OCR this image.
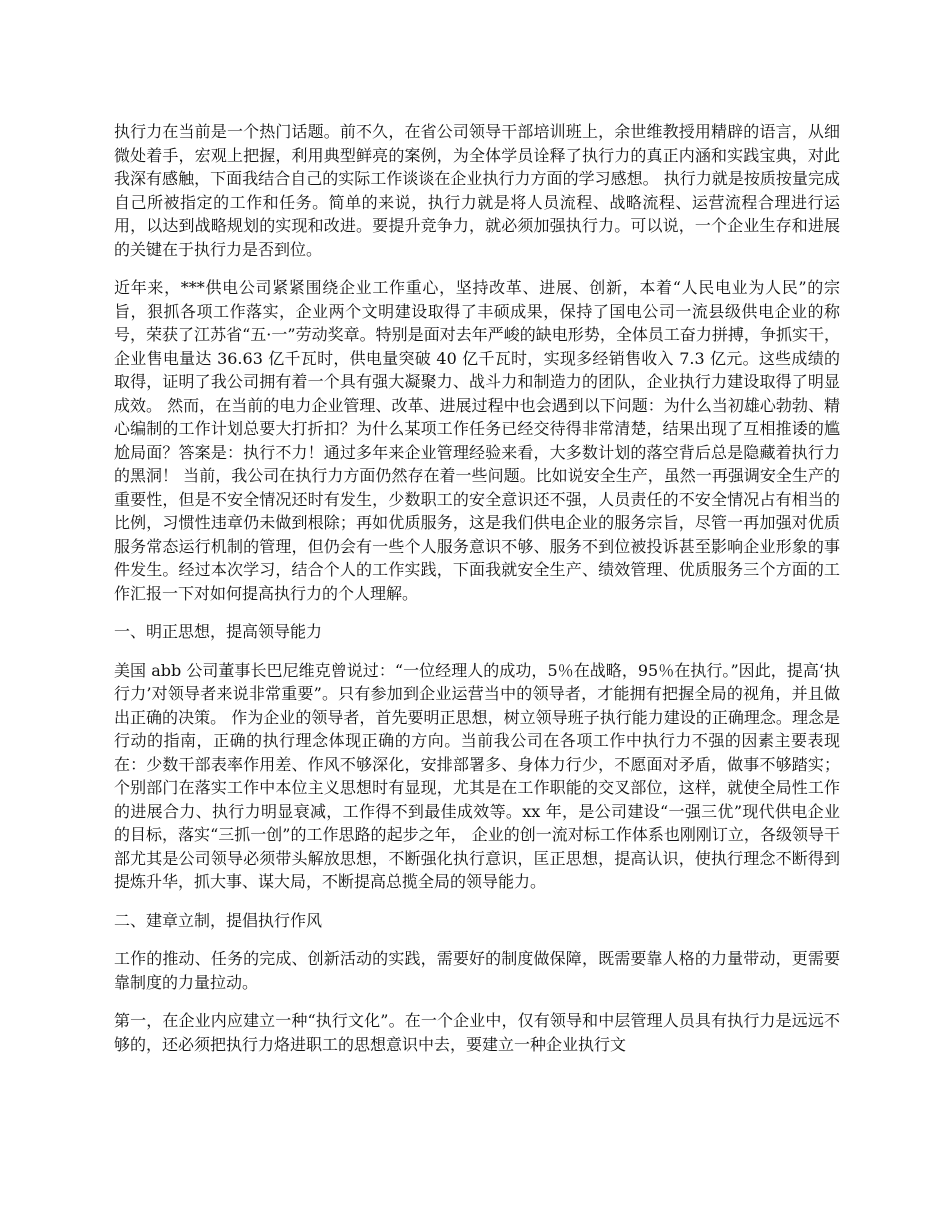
执行力在当前是一个热门话题。前不久，在省公司领导干部培训班上，余世维教授用精辟的语言，从细微处着手，宏观上把握，利用典型鲜亮的案例，为全体学员诠释了执行力的真正内涵和实践宝典，对此我深有感触，下面我结合自己的实际工作谈谈在企业执行力方面的学习感想。 执行力就是按质按量完成自己所被指定的工作和任务。简单的来说，执行力就是将人员流程、战略流程、运营流程合理进行运用，以达到战略规划的实现和改进。要提升竞争力，就必须加强执行力。可以说，一个企业生存和进展的关键在于执行力是否到位。

近年来，***供电公司紧紧围绕企业工作重心，坚持改革、进展、创新，本着“人民电业为人民”的宗旨，狠抓各项工作落实，企业两个文明建设取得了丰硕成果，保持了国电公司一流县级供电企业的称号，荣获了江苏省“五·一”劳动奖章。特别是面对去年严峻的缺电形势，全体员工奋力拼搏，争抓实干，企业售电量达 36.63 亿千瓦时，供电量突破 40 亿千瓦时，实现多经销售收入 7.3 亿元。这些成绩的取得，证明了我公司拥有着一个具有强大凝聚力、战斗力和制造力的团队，企业执行力建设取得了明显成效。 然而，在当前的电力企业管理、改革、进展过程中也会遇到以下问题：为什么当初雄心勃勃、精心编制的工作计划总要大打折扣？为什么某项工作任务已经交待得非常清楚，结果出现了互相推诿的尴尬局面？答案是：执行不力！通过多年来企业管理经验来看，大多数计划的落空背后总是隐藏着执行力的黑洞！ 当前，我公司在执行力方面仍然存在着一些问题。比如说安全生产，虽然一再强调安全生产的重要性，但是不安全情况还时有发生，少数职工的安全意识还不强，人员责任的不安全情况占有相当的比例，习惯性违章仍未做到根除；再如优质服务，这是我们供电企业的服务宗旨，尽管一再加强对优质服务常态运行机制的管理，但仍会有一些个人服务意识不够、服务不到位被投诉甚至影响企业形象的事件发生。经过本次学习，结合个人的工作实践，下面我就安全生产、绩效管理、优质服务三个方面的工作汇报一下对如何提高执行力的个人理解。

一、明正思想，提高领导能力

美国 abb 公司董事长巴尼维克曾说过：“一位经理人的成功，5％在战略，95％在执行。”因此，提高‘执行力’对领导者来说非常重要”。只有参加到企业运营当中的领导者，才能拥有把握全局的视角，并且做出正确的决策。 作为企业的领导者，首先要明正思想，树立领导班子执行能力建设的正确理念。理念是行动的指南，正确的执行理念体现正确的方向。当前我公司在各项工作中执行力不强的因素主要表现在：少数干部表率作用差、作风不够深化，安排部署多、身体力行少，不愿面对矛盾，做事不够踏实；个别部门在落实工作中本位主义思想时有显现，尤其是在工作职能的交叉部位，这样，就使全局性工作的进展合力、执行力明显衰减，工作得不到最佳成效等。xx 年，是公司建设“一强三优”现代供电企业的目标，落实“三抓一创”的工作思路的起步之年， 企业的创一流对标工作体系也刚刚订立，各级领导干部尤其是公司领导必须带头解放思想，不断强化执行意识，匡正思想，提高认识，使执行理念不断得到提炼升华，抓大事、谋大局，不断提高总揽全局的领导能力。

二、建章立制，提倡执行作风

工作的推动、任务的完成、创新活动的实践，需要好的制度做保障，既需要靠人格的力量带动，更需要靠制度的力量拉动。

第一，在企业内应建立一种“执行文化”。在一个企业中，仅有领导和中层管理人员具有执行力是远远不够的，还必须把执行力烙进职工的思想意识中去，要建立一种企业执行文
